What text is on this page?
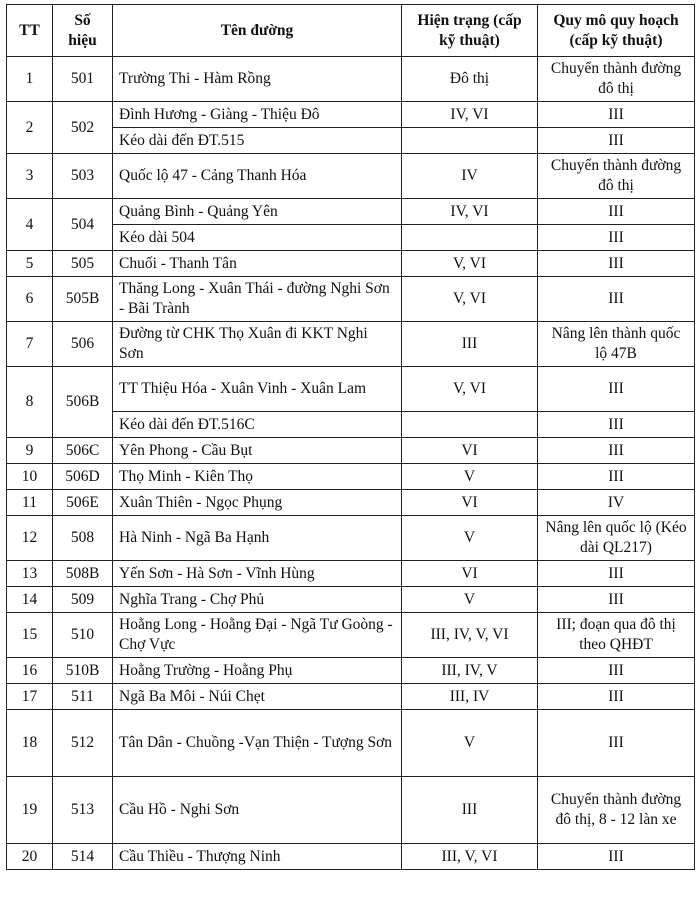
TT	Số hiệu	Tên đường	Hiện trạng (cấp kỹ thuật)	Quy mô quy hoạch (cấp kỹ thuật)
1	501	Trường Thi - Hàm Rồng	Đô thị	Chuyển thành đường đô thị
2	502	Đình Hương - Giàng - Thiệu Đô	IV, VI	III
		Kéo dài đến ĐT.515		III
3	503	Quốc lộ 47 - Cảng Thanh Hóa	IV	Chuyển thành đường đô thị
4	504	Quảng Bình - Quảng Yên	IV, VI	III
		Kéo dài 504		III
5	505	Chuối - Thanh Tân	V, VI	III
6	505B	Thăng Long - Xuân Thái - đường Nghi Sơn - Bãi Trành	V, VI	III
7	506	Đường từ CHK Thọ Xuân đi KKT Nghi Sơn	III	Nâng lên thành quốc lộ 47B
8	506B	TT Thiệu Hóa - Xuân Vinh - Xuân Lam	V, VI	III
		Kéo dài đến ĐT.516C		III
9	506C	Yên Phong - Cầu Bụt	VI	III
10	506D	Thọ Minh - Kiên Thọ	V	III
11	506E	Xuân Thiên - Ngọc Phụng	VI	IV
12	508	Hà Ninh - Ngã Ba Hạnh	V	Nâng lên quốc lộ (Kéo dài QL217)
13	508B	Yến Sơn - Hà Sơn - Vĩnh Hùng	VI	III
14	509	Nghĩa Trang - Chợ Phủ	V	III
15	510	Hoằng Long - Hoằng Đại - Ngã Tư Goòng - Chợ Vực	III, IV, V, VI	III; đoạn qua đô thị theo QHĐT
16	510B	Hoằng Trường - Hoằng Phụ	III, IV, V	III
17	511	Ngã Ba Môi - Núi Chẹt	III, IV	III
18	512	Tân Dân - Chuồng -Vạn Thiện - Tượng Sơn	V	III
19	513	Cầu Hồ - Nghi Sơn	III	Chuyển thành đường đô thị, 8 - 12 làn xe
20	514	Cầu Thiều - Thượng Ninh	III, V, VI	III
